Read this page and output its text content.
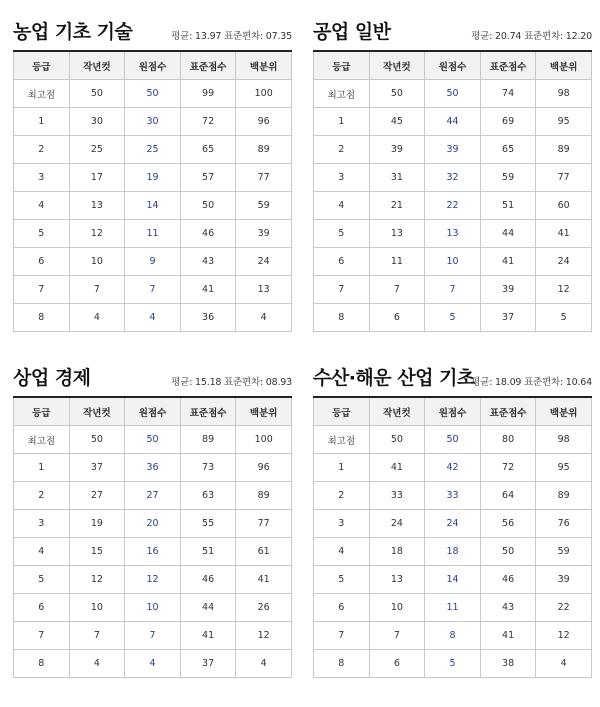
농업 기초 기술	평균: 13.97 표준편차: 07.35
등급	작년컷	원점수	표준점수	백분위
최고점	50	50	99	100
1	30	30	72	96
2	25	25	65	89
3	17	19	57	77
4	13	14	50	59
5	12	11	46	39
6	10	9	43	24
7	7	7	41	13
8	4	4	36	4
공업 일반	평균: 20.74 표준편차: 12.20
등급	작년컷	원점수	표준점수	백분위
최고점	50	50	74	98
1	45	44	69	95
2	39	39	65	89
3	31	32	59	77
4	21	22	51	60
5	13	13	44	41
6	11	10	41	24
7	7	7	39	12
8	6	5	37	5
상업 경제	평균: 15.18 표준편차: 08.93
등급	작년컷	원점수	표준점수	백분위
최고점	50	50	89	100
1	37	36	73	96
2	27	27	63	89
3	19	20	55	77
4	15	16	51	61
5	12	12	46	41
6	10	10	44	26
7	7	7	41	12
8	4	4	37	4
수산·해운 산업 기초
평균: 18.09 표준편차: 10.64
등급	작년컷	원점수	표준점수	백분위
최고점	50	50	80	98
1	41	42	72	95
2	33	33	64	89
3	24	24	56	76
4	18	18	50	59
5	13	14	46	39
6	10	11	43	22
7	7	8	41	12
8	6	5	38	4
